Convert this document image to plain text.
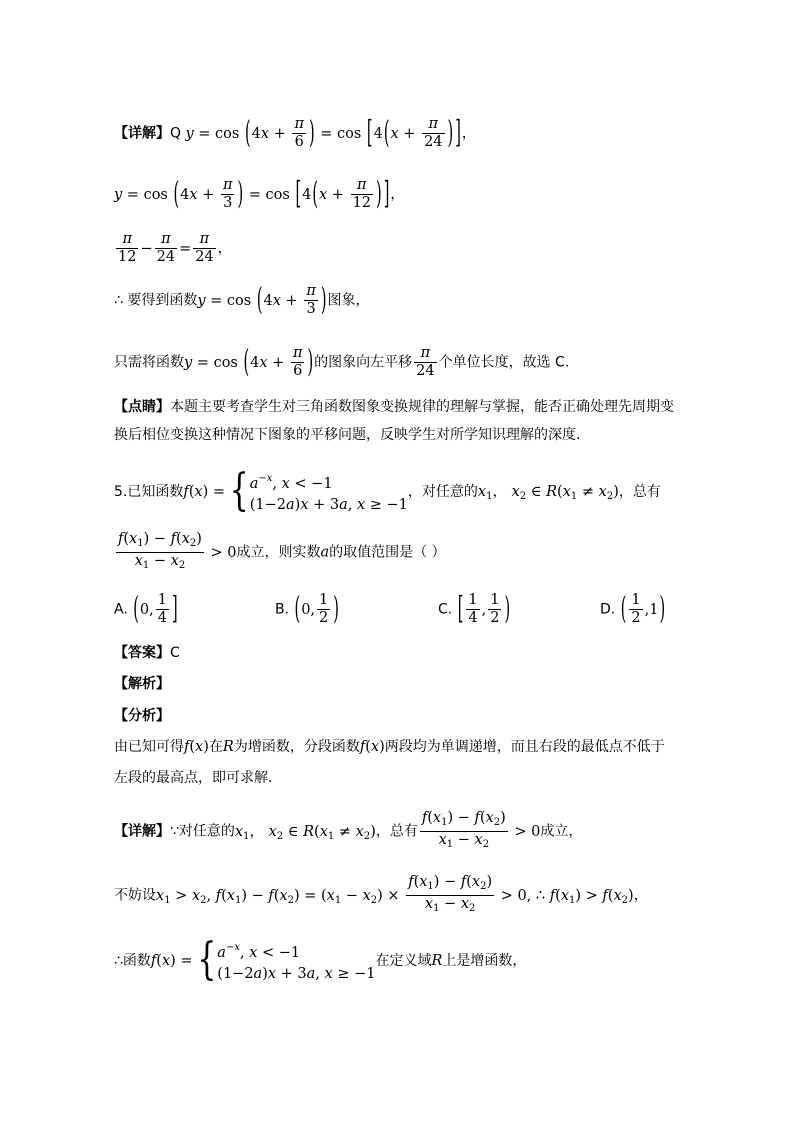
【详解】Q $y = \cos (4x + \frac{\pi}{6}$ ) = $\cos [4(x + \frac{\pi}{24}$ ) ]，
$y = \cos (4x + \frac{\pi}{3}$ ) = $\cos [4(x + \frac{\pi}{12}$ ) ]，
$\frac{\pi}{12} - \frac{\pi}{24} = \frac{\pi}{24}$ ，
∴ 要得到函数$y = \cos (4x + \frac{\pi}{3}$ )图象，
只需将函数$y = \cos (4x + \frac{\pi}{6}$ )的图象向左平移 $\frac{\pi}{24}$ 个单位长度，故选 C.
【点睛】本题主要考查学生对三角函数图象变换规律的理解与掌握，能否正确处理先周期变
换后相位变换这种情况下图象的平移问题，反映学生对所学知识理解的深度.
5.已知函数f(x) = { $a^{-x}$, x < −1
(1−2a)x + 3a, x ≥ −1
，对任意的$x_1$， $x_2$ ∈ $R(x_1 \ne x_2)$，总有
$\frac{f(x_1) - f(x_2)}{x_1 - x_2} > 0$成立，则实数a的取值范围是（ ）
A. (0, $\frac{1}{4}$ ]	B. (0, $\frac{1}{2}$ )	C. [ $\frac{1}{4}$ , $\frac{1}{2}$ )	D. ( $\frac{1}{2} ,1$)
【答案】C
【解析】
【分析】
由已知可得f(x)在R为增函数，分段函数f(x)两段均为单调递增，而且右段的最低点不低于
左段的最高点，即可求解.
【详解】∵对任意的$x_1$， $x_2$ ∈ $R(x_1 \ne x_2)$，总有 $\frac{f(x_1) - f(x_2)}{x_1 - x_2} > 0$成立，
不妨设$x_1 > x_2$, $f(x_1) - f(x_2) = (x_1 - x_2) \times \frac{f(x_1) - f(x_2)}{x_1 - x_2} > 0$, ∴ $f(x_1) > f(x_2)$，
∴函数f(x) = { $a^{-x}$, x < −1
(1−2a)x + 3a, x ≥ −1
在定义域R上是增函数，
